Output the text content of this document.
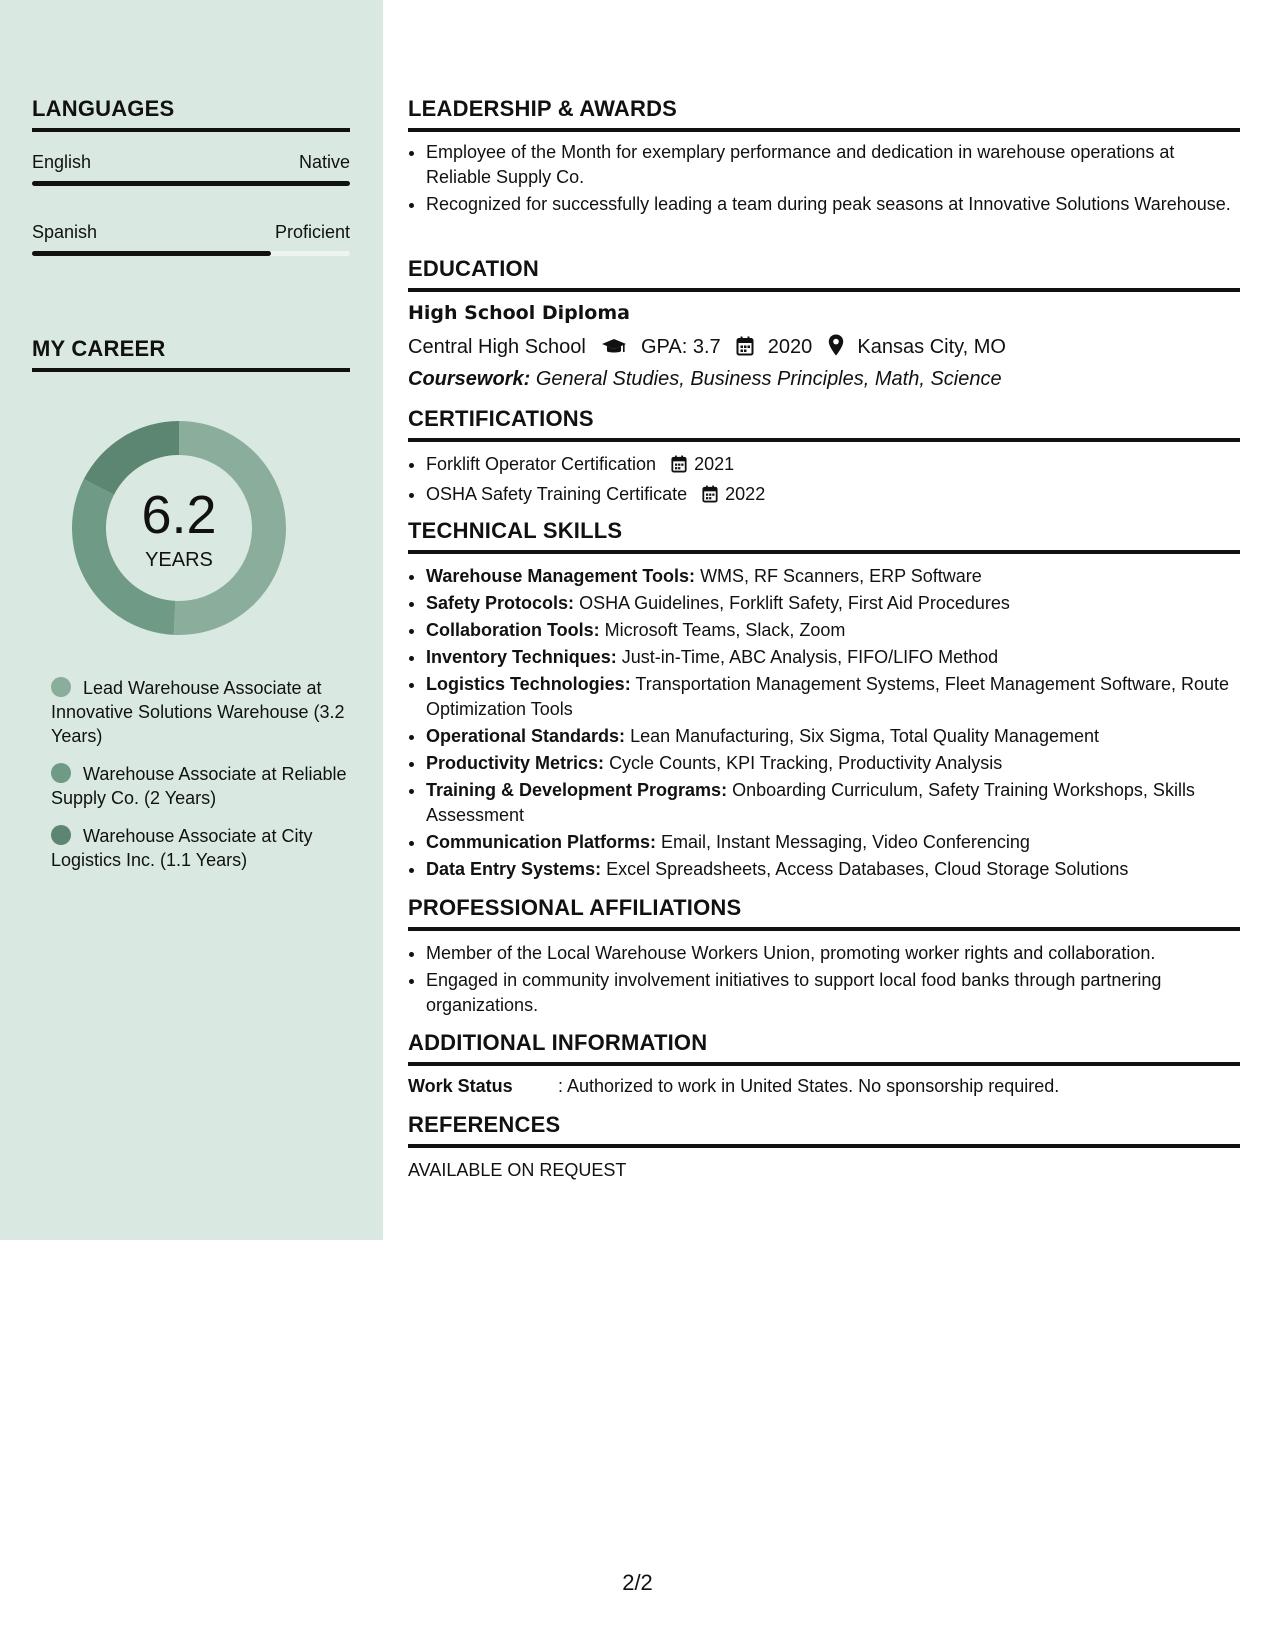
LANGUAGES
English	Native
Spanish	Proficient
MY CAREER
6.2
YEARS
Lead Warehouse Associate at Innovative Solutions Warehouse (3.2 Years)
Warehouse Associate at Reliable Supply Co. (2 Years)
Warehouse Associate at City Logistics Inc. (1.1 Years)
LEADERSHIP & AWARDS
• Employee of the Month for exemplary performance and dedication in warehouse operations at Reliable Supply Co.
• Recognized for successfully leading a team during peak seasons at Innovative Solutions Warehouse.
EDUCATION
High School Diploma
Central High School	GPA: 3.7 2020 Kansas City, MO
Coursework: General Studies, Business Principles, Math, Science
CERTIFICATIONS
• Forklift Operator Certification 2021
• OSHA Safety Training Certificate 2022
TECHNICAL SKILLS
• Warehouse Management Tools: WMS, RF Scanners, ERP Software
• Safety Protocols: OSHA Guidelines, Forklift Safety, First Aid Procedures
• Collaboration Tools: Microsoft Teams, Slack, Zoom
• Inventory Techniques: Just-in-Time, ABC Analysis, FIFO/LIFO Method
• Logistics Technologies: Transportation Management Systems, Fleet Management Software, Route Optimization Tools
• Operational Standards: Lean Manufacturing, Six Sigma, Total Quality Management
• Productivity Metrics: Cycle Counts, KPI Tracking, Productivity Analysis
• Training & Development Programs: Onboarding Curriculum, Safety Training Workshops, Skills Assessment
• Communication Platforms: Email, Instant Messaging, Video Conferencing
• Data Entry Systems: Excel Spreadsheets, Access Databases, Cloud Storage Solutions
PROFESSIONAL AFFILIATIONS
• Member of the Local Warehouse Workers Union, promoting worker rights and collaboration.
• Engaged in community involvement initiatives to support local food banks through partnering organizations.
ADDITIONAL INFORMATION
Work Status	: Authorized to work in United States. No sponsorship required.
REFERENCES
AVAILABLE ON REQUEST
2/2
